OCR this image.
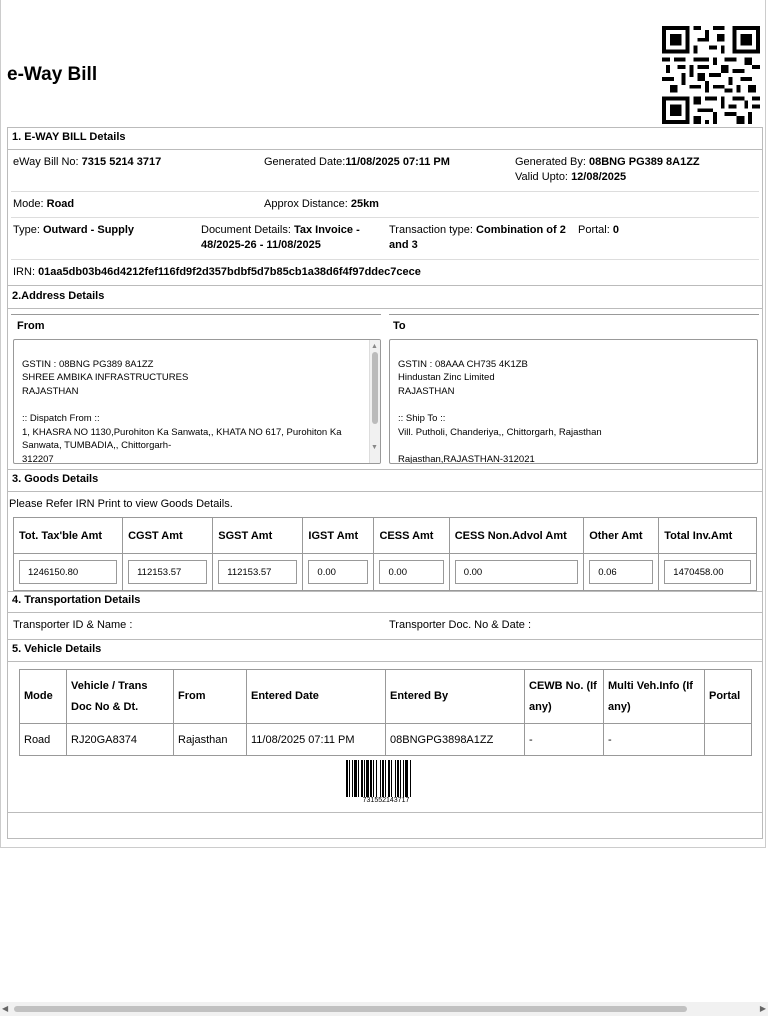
e-Way Bill
1. E-WAY BILL Details
eWay Bill No: 7315 5214 3717	Generated Date:11/08/2025 07:11 PM	Generated By: 08BNG PG389 8A1ZZ
Valid Upto: 12/08/2025
Mode: Road	Approx Distance: 25km
Type: Outward - Supply	Document Details: Tax Invoice -
48/2025-26 - 11/08/2025
Transaction type: Combination of 2
and 3
Portal: 0
IRN: 01aa5db03b46d4212fef116fd9f2d357bdbf5d7b85cb1a38d6f4f97ddec7cece
2.Address Details
From	To

GSTIN : 08BNG PG389 8A1ZZ
SHREE AMBIKA INFRASTRUCTURES
RAJASTHAN

:: Dispatch From ::
1, KHASRA NO 1130,Purohiton Ka Sanwata,, KHATA NO 617, Purohiton Ka Sanwata, TUMBADIA,, Chittorgarh-
312207

▲

▼

GSTIN : 08AAA CH735 4K1ZB
Hindustan Zinc Limited
RAJASTHAN

:: Ship To ::
Vill. Putholi, Chanderiya,, Chittorgarh, Rajasthan

Rajasthan,RAJASTHAN-312021

3. Goods Details
Please Refer IRN Print to view Goods Details.
Tot. Tax'ble Amt	CGST Amt	SGST Amt	IGST Amt	CESS Amt	CESS Non.Advol Amt	Other Amt	Total Inv.Amt

1246150.80	112153.57	112153.57	0.00	0.00	0.00	0.06	1470458.00
4. Transportation Details
Transporter ID & Name :	Transporter Doc. No & Date :
5. Vehicle Details
Mode	Vehicle / Trans Doc No & Dt.	From	Entered Date	Entered By	CEWB No. (If any)	Multi Veh.Info (If any)	Portal
Road	RJ20GA8374	Rajasthan	11/08/2025 07:11 PM	08BNGPG3898A1ZZ	-	-	
731552143717
◀	▶
